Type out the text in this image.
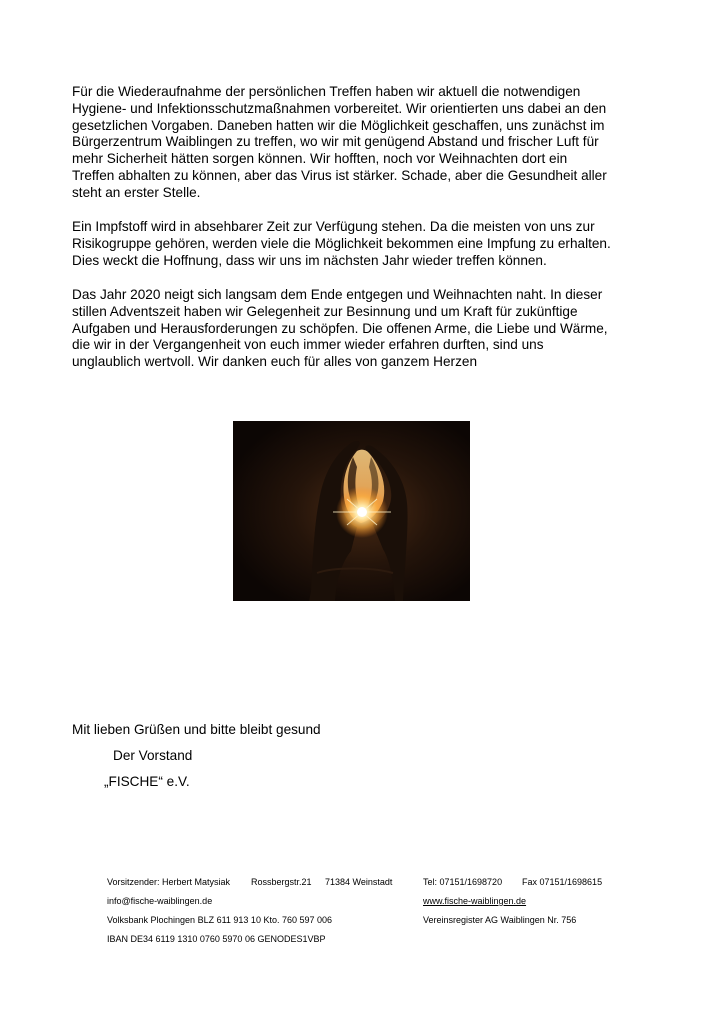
Für die Wiederaufnahme der persönlichen Treffen haben wir aktuell die notwendigen
Hygiene- und Infektionsschutzmaßnahmen vorbereitet. Wir orientierten uns dabei an den
gesetzlichen Vorgaben. Daneben hatten wir die Möglichkeit geschaffen, uns zunächst im
Bürgerzentrum Waiblingen zu treffen, wo wir mit genügend Abstand und frischer Luft für
mehr Sicherheit hätten sorgen können. Wir hofften, noch vor Weihnachten dort ein
Treffen abhalten zu können, aber das Virus ist stärker. Schade, aber die Gesundheit aller
steht an erster Stelle.
Ein Impfstoff wird in absehbarer Zeit zur Verfügung stehen. Da die meisten von uns zur
Risikogruppe gehören, werden viele die Möglichkeit bekommen eine Impfung zu erhalten.
Dies weckt die Hoffnung, dass wir uns im nächsten Jahr wieder treffen können.
Das Jahr 2020 neigt sich langsam dem Ende entgegen und Weihnachten naht. In dieser
stillen Adventszeit haben wir Gelegenheit zur Besinnung und um Kraft für zukünftige
Aufgaben und Herausforderungen zu schöpfen. Die offenen Arme, die Liebe und Wärme,
die wir in der Vergangenheit von euch immer wieder erfahren durften, sind uns
unglaublich wertvoll. Wir danken euch für alles von ganzem Herzen

Mit lieben Grüßen und bitte bleibt gesund

Der Vorstand

„FISCHE“ e.V.

Vorsitzender: Herbert Matysiak Rossbergstr.21 71384 Weinstadt	Tel: 07151/1698720 Fax 07151/1698615
info@fische-waiblingen.de	www.fische-waiblingen.de
Volksbank Plochingen BLZ 611 913 10 Kto. 760 597 006	Vereinsregister AG Waiblingen Nr. 756
IBAN DE34 6119 1310 0760 5970 06 GENODES1VBP
